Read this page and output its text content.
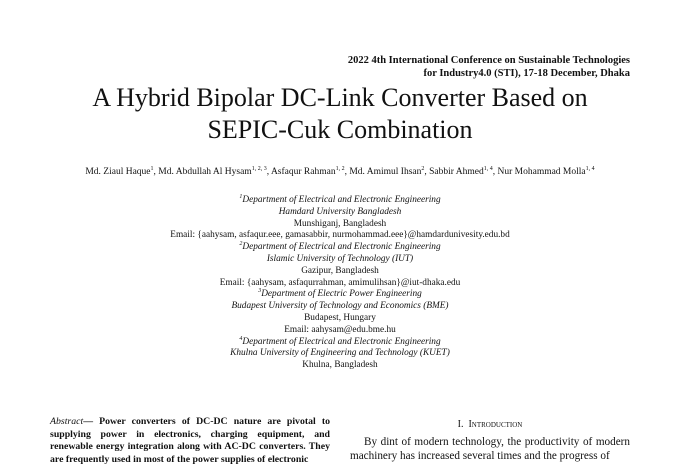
2022 4th International Conference on Sustainable Technologies
for Industry4.0 (STI), 17-18 December, Dhaka
A Hybrid Bipolar DC-Link Converter Based on
SEPIC-Cuk Combination
Md. Ziaul Haque$^1$, Md. Abdullah Al Hysam$^{1, 2, 3}$, Asfaqur Rahman$^{1, 2}$, Md. Amimul Ihsan$^2$, Sabbir Ahmed$^{1, 4}$, Nur Mohammad Molla$^{1, 4}$
$^1$Department of Electrical and Electronic Engineering
Hamdard University Bangladesh
Munshiganj, Bangladesh
Email: {aahysam, asfaqur.eee, gamasabbir, nurmohammad.eee}@hamdardunivesity.edu.bd
$^2$Department of Electrical and Electronic Engineering
Islamic University of Technology (IUT)
Gazipur, Bangladesh
Email: {aahysam, asfaqurrahman, amimulihsan}@iut-dhaka.edu
$^3$Department of Electric Power Engineering
Budapest University of Technology and Economics (BME)
Budapest, Hungary
Email: aahysam@edu.bme.hu
$^4$Department of Electrical and Electronic Engineering
Khulna University of Engineering and Technology (KUET)
Khulna, Bangladesh
Abstract— Power converters of DC-DC nature are pivotal to supplying power in electronics, charging equipment, and renewable energy integration along with AC-DC converters. They are frequently used in most of the power supplies of electronic
I. Introduction
By dint of modern technology, the productivity of modern machinery has increased several times and the progress of
